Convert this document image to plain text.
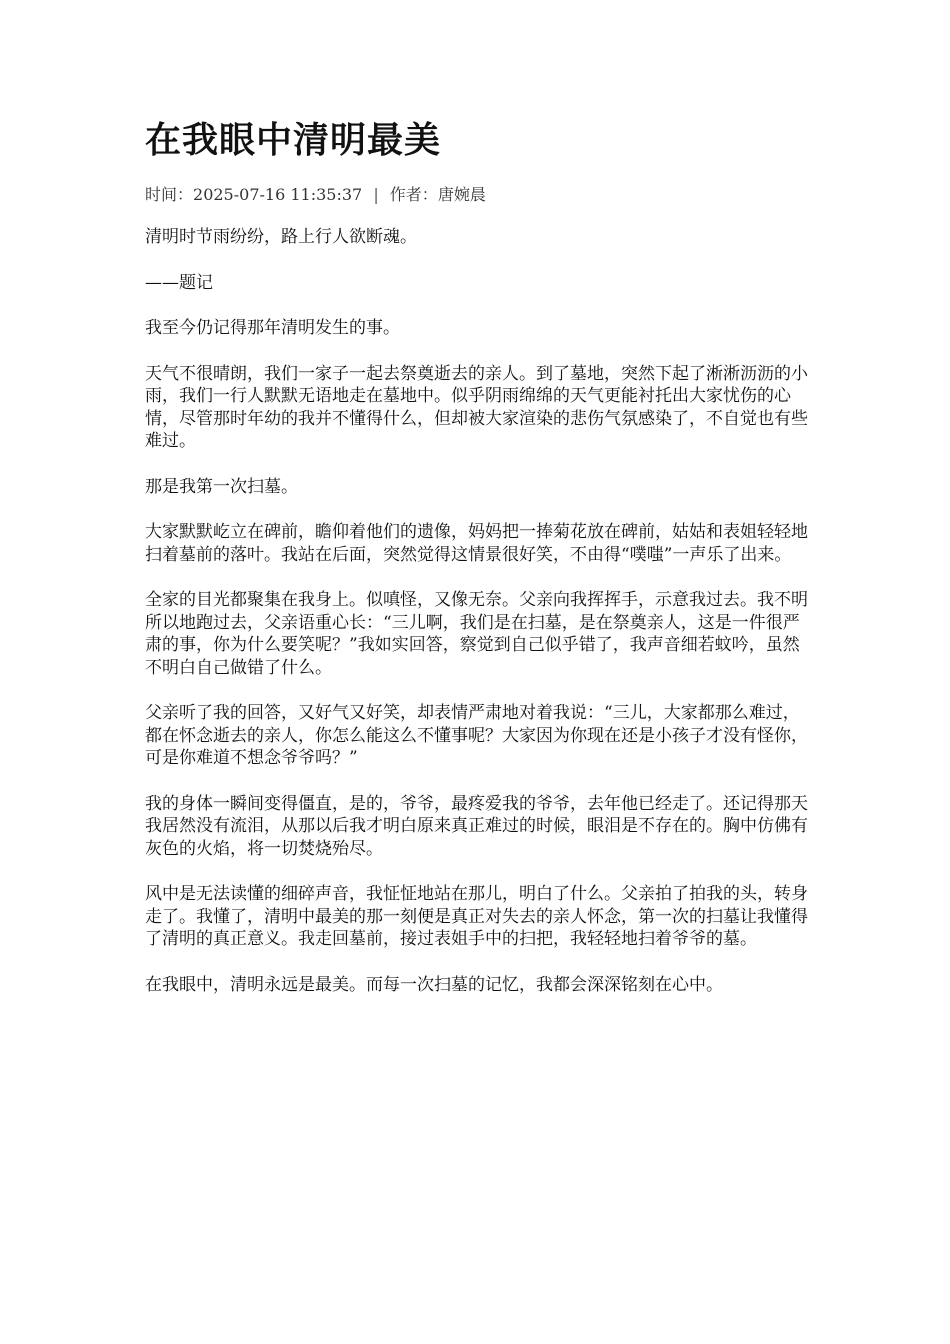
在我眼中清明最美
时间：2025-07-16 11:35:37 | 作者：唐婉晨

清明时节雨纷纷，路上行人欲断魂。

——题记

我至今仍记得那年清明发生的事。

天气不很晴朗，我们一家子一起去祭奠逝去的亲人。到了墓地，突然下起了淅淅沥沥的小雨，我们一行人默默无语地走在墓地中。似乎阴雨绵绵的天气更能衬托出大家忧伤的心情，尽管那时年幼的我并不懂得什么，但却被大家渲染的悲伤气氛感染了，不自觉也有些难过。

那是我第一次扫墓。

大家默默屹立在碑前，瞻仰着他们的遗像，妈妈把一捧菊花放在碑前，姑姑和表姐轻轻地扫着墓前的落叶。我站在后面，突然觉得这情景很好笑，不由得“噗嗤”一声乐了出来。

全家的目光都聚集在我身上。似嗔怪，又像无奈。父亲向我挥挥手，示意我过去。我不明所以地跑过去，父亲语重心长：“三儿啊，我们是在扫墓，是在祭奠亲人，这是一件很严肃的事，你为什么要笑呢？”我如实回答，察觉到自己似乎错了，我声音细若蚊吟，虽然不明白自己做错了什么。

父亲听了我的回答，又好气又好笑，却表情严肃地对着我说：“三儿，大家都那么难过，都在怀念逝去的亲人，你怎么能这么不懂事呢？大家因为你现在还是小孩子才没有怪你，可是你难道不想念爷爷吗？”

我的身体一瞬间变得僵直，是的，爷爷，最疼爱我的爷爷，去年他已经走了。还记得那天我居然没有流泪，从那以后我才明白原来真正难过的时候，眼泪是不存在的。胸中仿佛有灰色的火焰，将一切焚烧殆尽。

风中是无法读懂的细碎声音，我怔怔地站在那儿，明白了什么。父亲拍了拍我的头，转身走了。我懂了，清明中最美的那一刻便是真正对失去的亲人怀念，第一次的扫墓让我懂得了清明的真正意义。我走回墓前，接过表姐手中的扫把，我轻轻地扫着爷爷的墓。

在我眼中，清明永远是最美。而每一次扫墓的记忆，我都会深深铭刻在心中。
